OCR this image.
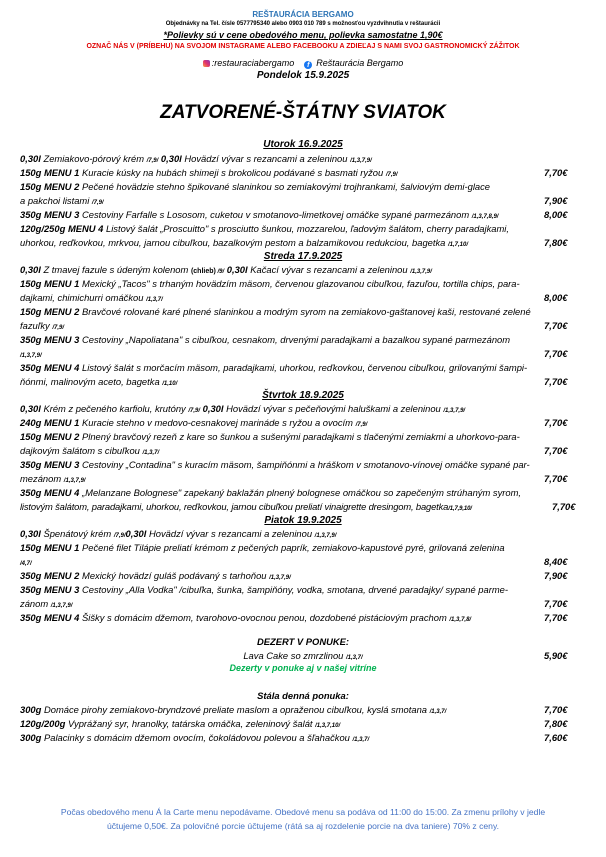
REŠTAURÁCIA BERGAMO
Objednávky na Tel. čísle 0577795340 alebo 0903 010 789 s možnosťou vyzdvihnutia v reštaurácii
*Polievky sú v cene obedového menu, polievka samostatne 1,90€
OZNAČ NÁS V (PRÍBEHU) NA SVOJOM INSTAGRAME ALEBO FACEBOOKU A ZDIEĽAJ S NAMI SVOJ GASTRONOMICKÝ ZÁŽITOK
:restauraciabergamo f Reštaurácia Bergamo
Pondelok 15.9.2025
ZATVORENÉ-ŠTÁTNY SVIATOK
Utorok 16.9.2025
0,30l Zemiakovo-pórový krém /7,9/ 0,30l Hovädzí vývar s rezancami a zeleninou /1,3,7,9/
150g MENU 1 Kuracie kúsky na hubách shimeji s brokolicou podávané s basmati ryžou /7,9/	7,70€
150g MENU 2 Pečené hovädzie stehno špikované slaninkou so zemiakovými trojhrankami, šalviovým demi-glace
a pakchoi listami /7,9/	7,90€
350g MENU 3 Cestoviny Farfalle s Lososom, cuketou v smotanovo-limetkovej omáčke sypané parmezánom /1,3,7,8,9/	8,00€
120g/250g MENU 4 Listový šalát „Proscuitto" s prosciutto šunkou, mozzarelou, ľadovým šalátom, cherry paradajkami,
uhorkou, reďkovkou, mrkvou, jarnou cibuľkou, bazalkovým pestom a balzamikovou redukciou, bagetka /1,7,10/	7,80€
Streda 17.9.2025
0,30l Z tmavej fazule s údeným kolenom (chlieb) /9/ 0,30l Kačací vývar s rezancami a zeleninou /1,3,7,9/
150g MENU 1 Mexický „Tacos" s trhaným hovädzím mäsom, červenou glazovanou cibuľkou, fazuľou, tortilla chips, para-
dajkami, chimichurri omáčkou /1,3,7/	8,00€
150g MENU 2 Bravčové rolované karé plnené slaninkou a modrým syrom na zemiakovo-gaštanovej kaši, restované zelené
fazuľky /7,9/	7,70€
350g MENU 3 Cestoviny „Napoliatana" s cibuľkou, cesnakom, drvenými paradajkami a bazalkou sypané parmezánom
/1,3,7,9/	7,70€
350g MENU 4 Listový šalát s morčacím mäsom, paradajkami, uhorkou, reďkovkou, červenou cibuľkou, grilovanými šampi-
ňónmi, malinovým aceto, bagetka /1,10/	7,70€
Štvrtok 18.9.2025
0,30l Krém z pečeného karfiolu, krutóny /7,9/ 0,30l Hovädzí vývar s pečeňovými haluškami a zeleninou /1,3,7,9/
240g MENU 1 Kuracie stehno v medovo-cesnakovej marináde s ryžou a ovocím /7,9/	7,70€
150g MENU 2 Plnený bravčový rezeň z kare so šunkou a sušenými paradajkami s tlačenými zemiakmi a uhorkovo-para-
dajkovým šalátom s cibuľkou /1,3,7/	7,70€
350g MENU 3 Cestoviny „Contadina" s kuracím mäsom, šampiňónmi a hráškom v smotanovo-vínovej omáčke sypané par-
mezánom /1,3,7,9/	7,70€
350g MENU 4 „Melanzane Bolognese" zapekaný baklažán plnený bolognese omáčkou so zapečeným strúhaným syrom,
listovým šalátom, paradajkami, uhorkou, reďkovkou, jarnou cibuľkou preliatí vinaigrette dresingom, bagetka/1,7,9,10/	7,70€
Piatok 19.9.2025
0,30l Špenátový krém /7,9/0,30l Hovädzí vývar s rezancami a zeleninou /1,3,7,9/
150g MENU 1 Pečené filet Tilápie preliatí krémom z pečených paprík, zemiakovo-kapustové pyré, grilovaná zelenina
/4,7/	8,40€
350g MENU 2 Mexický hovädzí guláš podávaný s tarhoňou /1,3,7,9/	7,90€
350g MENU 3 Cestoviny „Alla Vodka" /cibuľka, šunka, šampiňóny, vodka, smotana, drvené paradajky/ sypané parme-
zánom /1,3,7,9/	7,70€
350g MENU 4 Šišky s domácim džemom, tvarohovo-ovocnou penou, dozdobené pistáciovým prachom /1,3,7,8/	7,70€
DEZERT V PONUKE:
Lava Cake so zmrzlinou /1,3,7/	5,90€
Dezerty v ponuke aj v našej vitríne
Stála denná ponuka:
300g Domáce pirohy zemiakovo-bryndzové preliate maslom a opraženou cibuľkou, kyslá smotana /1,3,7/	7,70€
120g/200g Vyprážaný syr, hranolky, tatárska omáčka, zeleninový šalát /1,3,7,10/	7,80€
300g Palacinky s domácim džemom ovocím, čokoládovou polevou a šľahačkou /1,3,7/	7,60€
Počas obedového menu Á la Carte menu nepodávame. Obedové menu sa podáva od 11:00 do 15:00. Za zmenu prílohy v jedle
účtujeme 0,50€. Za polovičné porcie účtujeme (rátá sa aj rozdelenie porcie na dva taniere) 70% z ceny.
